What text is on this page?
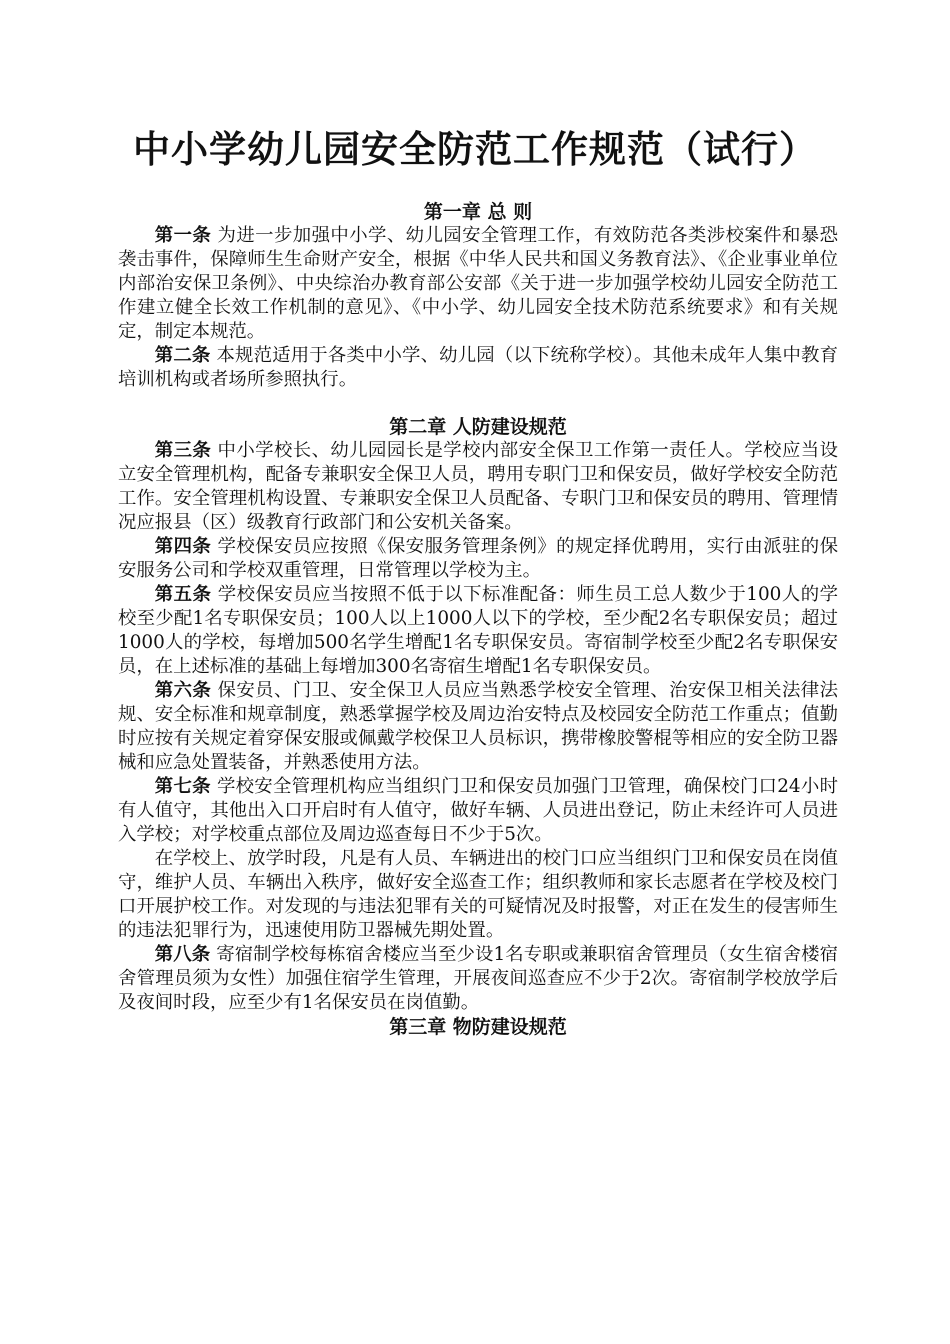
中小学幼儿园安全防范工作规范（试行）
第一章 总 则

第一条 为进一步加强中小学、幼儿园安全管理工作，有效防范各类涉校案件和暴恐袭击事件，保障师生生命财产安全，根据《中华人民共和国义务教育法》、《企业事业单位内部治安保卫条例》、中央综治办教育部公安部《关于进一步加强学校幼儿园安全防范工作建立健全长效工作机制的意见》、《中小学、幼儿园安全技术防范系统要求》和有关规定，制定本规范。

第二条 本规范适用于各类中小学、幼儿园（以下统称学校）。其他未成年人集中教育培训机构或者场所参照执行。

第二章 人防建设规范

第三条 中小学校长、幼儿园园长是学校内部安全保卫工作第一责任人。学校应当设立安全管理机构，配备专兼职安全保卫人员，聘用专职门卫和保安员，做好学校安全防范工作。安全管理机构设置、专兼职安全保卫人员配备、专职门卫和保安员的聘用、管理情况应报县（区）级教育行政部门和公安机关备案。

第四条 学校保安员应按照《保安服务管理条例》的规定择优聘用，实行由派驻的保安服务公司和学校双重管理，日常管理以学校为主。

第五条 学校保安员应当按照不低于以下标准配备：师生员工总人数少于100人的学校至少配1名专职保安员；100人以上1000人以下的学校，至少配2名专职保安员；超过1000人的学校，每增加500名学生增配1名专职保安员。寄宿制学校至少配2名专职保安员，在上述标准的基础上每增加300名寄宿生增配1名专职保安员。

第六条 保安员、门卫、安全保卫人员应当熟悉学校安全管理、治安保卫相关法律法规、安全标准和规章制度，熟悉掌握学校及周边治安特点及校园安全防范工作重点；值勤时应按有关规定着穿保安服或佩戴学校保卫人员标识，携带橡胶警棍等相应的安全防卫器械和应急处置装备，并熟悉使用方法。

第七条 学校安全管理机构应当组织门卫和保安员加强门卫管理，确保校门口24小时有人值守，其他出入口开启时有人值守，做好车辆、人员进出登记，防止未经许可人员进入学校；对学校重点部位及周边巡查每日不少于5次。

在学校上、放学时段，凡是有人员、车辆进出的校门口应当组织门卫和保安员在岗值守，维护人员、车辆出入秩序，做好安全巡查工作；组织教师和家长志愿者在学校及校门口开展护校工作。对发现的与违法犯罪有关的可疑情况及时报警，对正在发生的侵害师生的违法犯罪行为，迅速使用防卫器械先期处置。

第八条 寄宿制学校每栋宿舍楼应当至少设1名专职或兼职宿舍管理员（女生宿舍楼宿舍管理员须为女性）加强住宿学生管理，开展夜间巡查应不少于2次。寄宿制学校放学后及夜间时段，应至少有1名保安员在岗值勤。

第三章 物防建设规范
